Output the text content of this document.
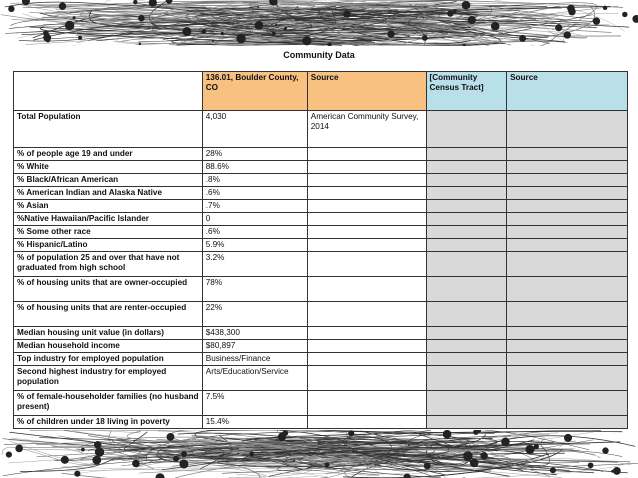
Community Data
	136.01, Boulder County, CO	Source	[Community Census Tract]	Source
Total Population	4,030	American Community Survey, 2014		
% of people age 19 and under	28%			
% White	88.6%			
% Black/African American	.8%			
% American Indian and Alaska Native	.6%			
% Asian	.7%			
%Native Hawaiian/Pacific Islander	0			
% Some other race	.6%			
% Hispanic/Latino	5.9%			
% of population 25 and over that have not graduated from high school	3.2%			
% of housing units that are owner-occupied	78%			
% of housing units that are renter-occupied	22%			
Median housing unit value (in dollars)	$438,300			
Median household income	$80,897			
Top industry for employed population	Business/Finance			
Second highest industry for employed population	Arts/Education/Service			
% of female-householder families (no husband present)	7.5%			
% of children under 18 living in poverty	15.4%			
